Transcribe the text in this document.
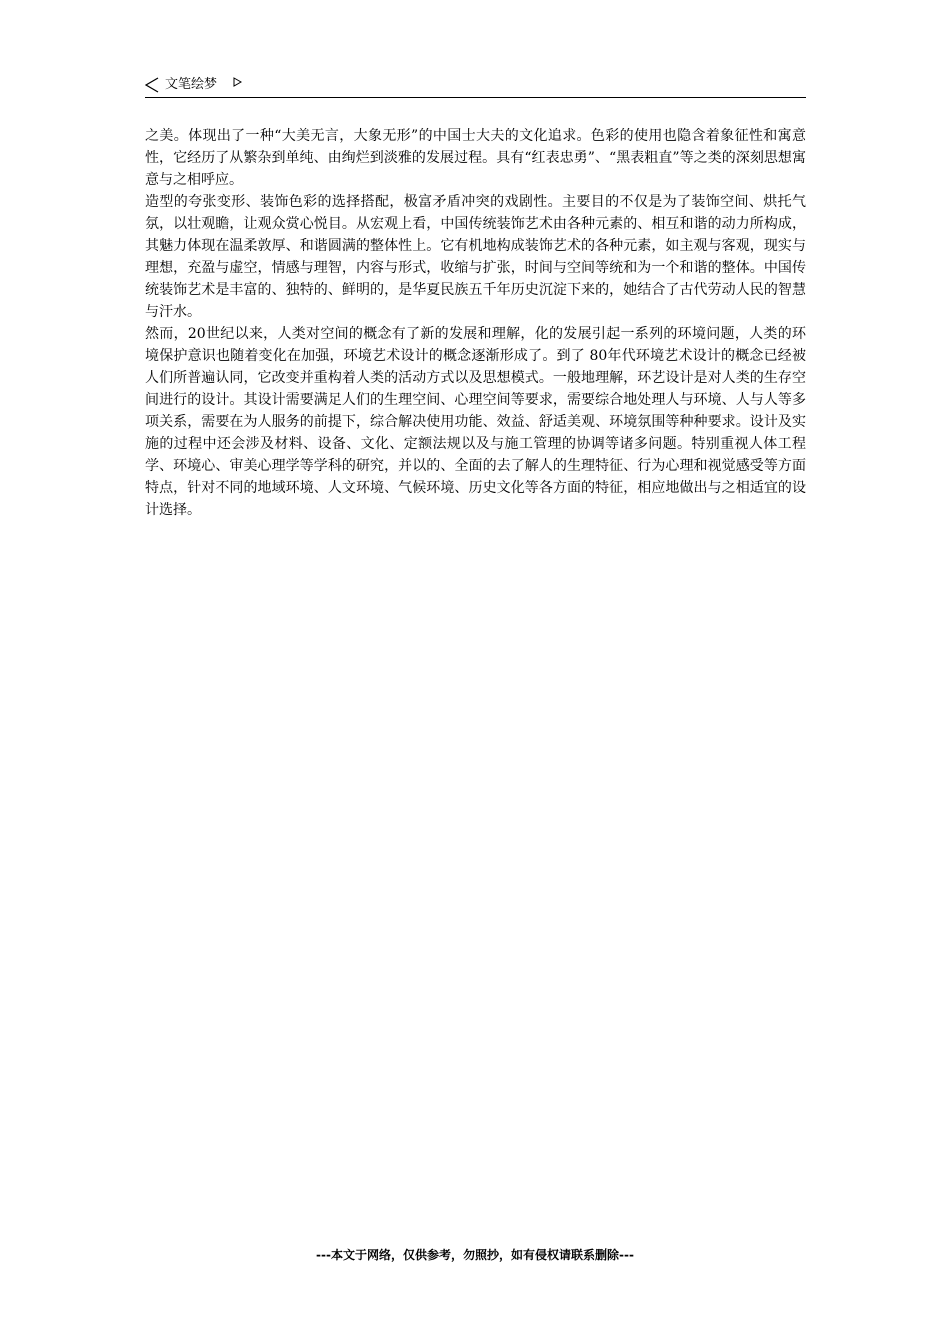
文笔绘梦

之美。体现出了一种“大美无言，大象无形”的中国士大夫的文化追求。色彩的使用也隐含着象征性和寓意性，它经历了从繁杂到单纯、由绚烂到淡雅的发展过程。具有“红表忠勇”、“黑表粗直”等之类的深刻思想寓意与之相呼应。

造型的夸张变形、装饰色彩的选择搭配，极富矛盾冲突的戏剧性。主要目的不仅是为了装饰空间、烘托气氛，以壮观瞻，让观众赏心悦目。从宏观上看，中国传统装饰艺术由各种元素的、相互和谐的动力所构成，其魅力体现在温柔敦厚、和谐圆满的整体性上。它有机地构成装饰艺术的各种元素，如主观与客观，现实与理想，充盈与虚空，情感与理智，内容与形式，收缩与扩张，时间与空间等统和为一个和谐的整体。中国传统装饰艺术是丰富的、独特的、鲜明的，是华夏民族五千年历史沉淀下来的，她结合了古代劳动人民的智慧与汗水。

然而，20世纪以来，人类对空间的概念有了新的发展和理解，化的发展引起一系列的环境问题，人类的环境保护意识也随着变化在加强，环境艺术设计的概念逐渐形成了。到了 80年代环境艺术设计的概念已经被人们所普遍认同，它改变并重构着人类的活动方式以及思想模式。一般地理解，环艺设计是对人类的生存空间进行的设计。其设计需要满足人们的生理空间、心理空间等要求，需要综合地处理人与环境、人与人等多项关系，需要在为人服务的前提下，综合解决使用功能、效益、舒适美观、环境氛围等种种要求。设计及实施的过程中还会涉及材料、设备、文化、定额法规以及与施工管理的协调等诸多问题。特别重视人体工程学、环境心、审美心理学等学科的研究，并以的、全面的去了解人的生理特征、行为心理和视觉感受等方面特点，针对不同的地域环境、人文环境、气候环境、历史文化等各方面的特征，相应地做出与之相适宜的设计选择。

---本文于网络，仅供参考，勿照抄，如有侵权请联系删除---
